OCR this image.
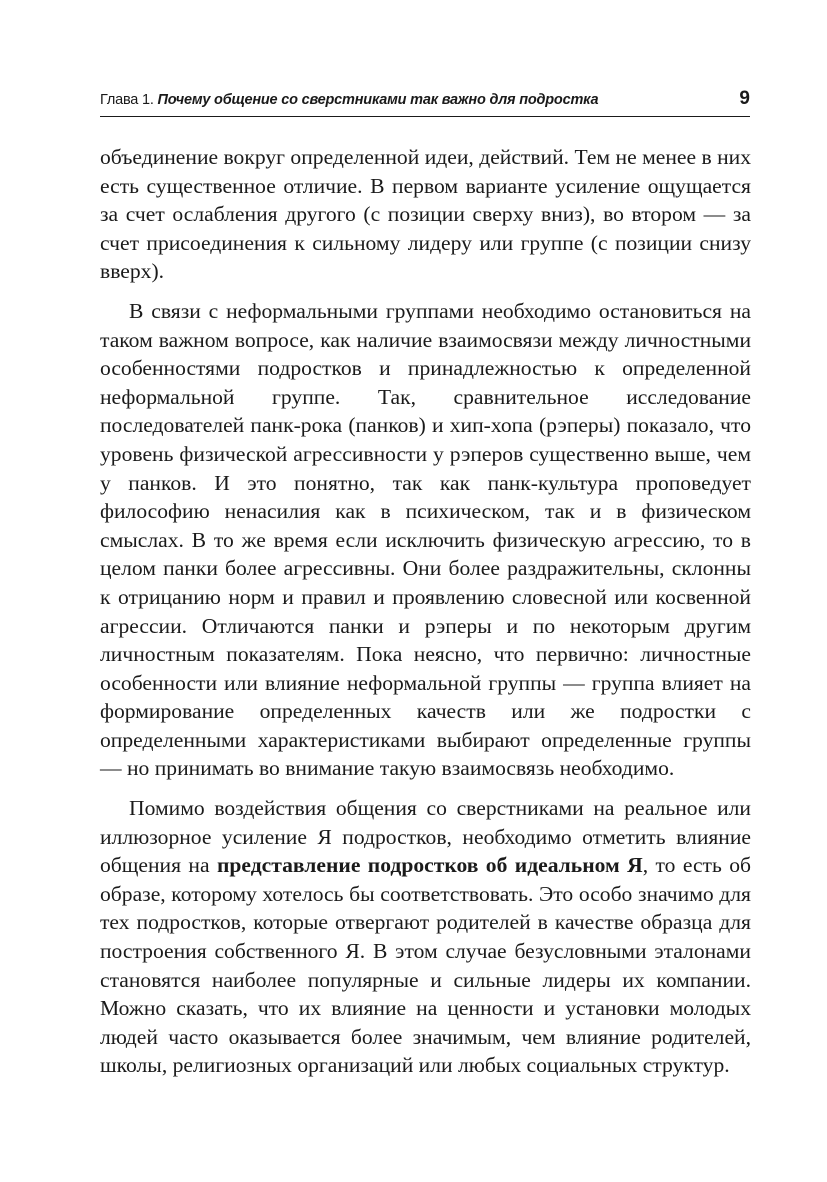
Глава 1. Почему общение со сверстниками так важно для подростка	9

объединение вокруг определенной идеи, действий. Тем не менее в них есть существенное отличие. В первом варианте усиление ощущается за счет ослабления другого (с позиции сверху вниз), во втором — за счет присоединения к сильному лидеру или группе (с позиции снизу вверх).

В связи с неформальными группами необходимо остановиться на таком важном вопросе, как наличие взаимосвязи между личностными особенностями подростков и принадлежностью к определенной неформальной группе. Так, сравнительное исследование последователей панк-рока (панков) и хип-хопа (рэперы) показало, что уровень физической агрессивности у рэперов существенно выше, чем у панков. И это понятно, так как панк-культура проповедует философию ненасилия как в психическом, так и в физическом смыслах. В то же время если исключить физическую агрессию, то в целом панки более агрессивны. Они более раздражительны, склонны к отрицанию норм и правил и проявлению словесной или косвенной агрессии. Отличаются панки и рэперы и по некоторым другим личностным показателям. Пока неясно, что первично: личностные особенности или влияние неформальной группы — группа влияет на формирование определенных качеств или же подростки с определенными характеристиками выбирают определенные группы — но принимать во внимание такую взаимосвязь необходимо.

Помимо воздействия общения со сверстниками на реальное или иллюзорное усиление Я подростков, необходимо отметить влияние общения на представление подростков об идеальном Я, то есть об образе, которому хотелось бы соответствовать. Это особо значимо для тех подростков, которые отвергают родителей в качестве образца для построения собственного Я. В этом случае безусловными эталонами становятся наиболее популярные и сильные лидеры их компании. Можно сказать, что их влияние на ценности и установки молодых людей часто оказывается более значимым, чем влияние родителей, школы, религиозных организаций или любых социальных структур.
